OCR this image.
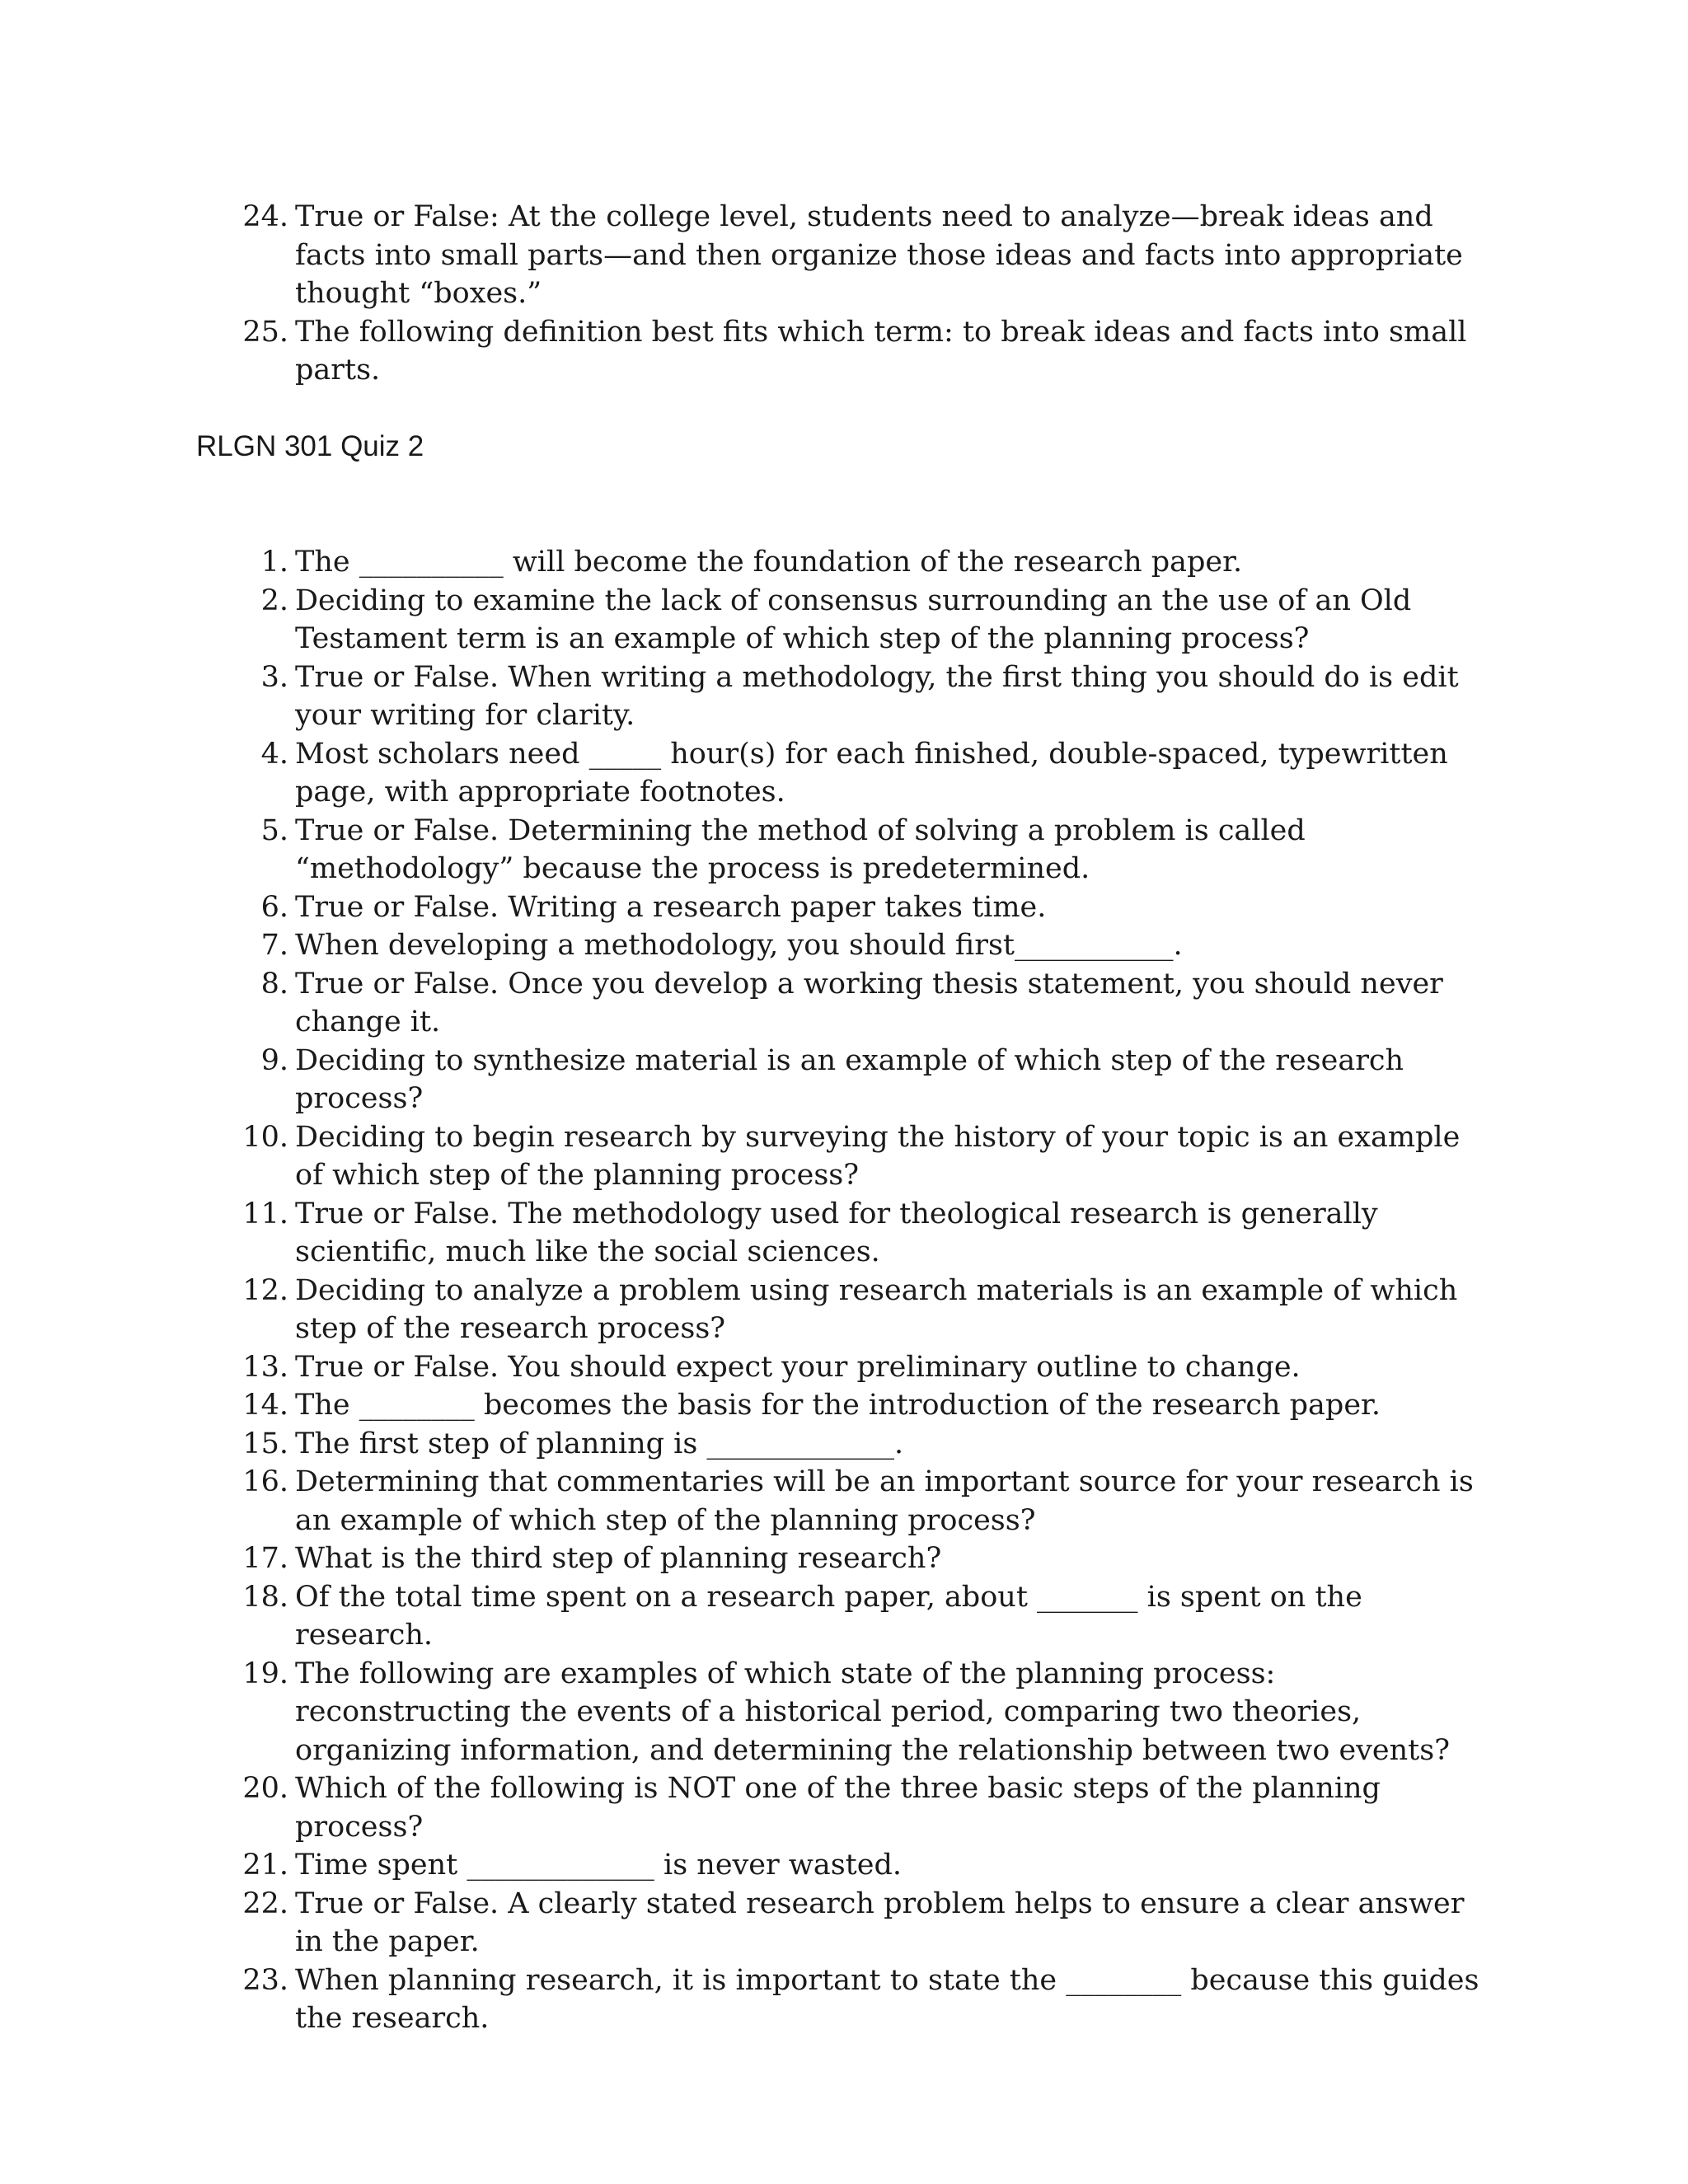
24. True or False: At the college level, students need to analyze—break ideas and facts into small parts—and then organize those ideas and facts into appropriate thought “boxes.”
25. The following definition best fits which term: to break ideas and facts into small parts.
RLGN 301 Quiz 2
1. The __________ will become the foundation of the research paper.
2. Deciding to examine the lack of consensus surrounding an the use of an Old Testament term is an example of which step of the planning process?
3. True or False. When writing a methodology, the first thing you should do is edit your writing for clarity.
4. Most scholars need _____ hour(s) for each finished, double-spaced, typewritten page, with appropriate footnotes.
5. True or False. Determining the method of solving a problem is called “methodology” because the process is predetermined.
6. True or False. Writing a research paper takes time.
7. When developing a methodology, you should first___________.
8. True or False. Once you develop a working thesis statement, you should never change it.
9. Deciding to synthesize material is an example of which step of the research process?
10. Deciding to begin research by surveying the history of your topic is an example of which step of the planning process?
11. True or False. The methodology used for theological research is generally scientific, much like the social sciences.
12. Deciding to analyze a problem using research materials is an example of which step of the research process?
13. True or False. You should expect your preliminary outline to change.
14. The ________ becomes the basis for the introduction of the research paper.
15. The first step of planning is _____________.
16. Determining that commentaries will be an important source for your research is an example of which step of the planning process?
17. What is the third step of planning research?
18. Of the total time spent on a research paper, about _______ is spent on the research.
19. The following are examples of which state of the planning process: reconstructing the events of a historical period, comparing two theories, organizing information, and determining the relationship between two events?
20. Which of the following is NOT one of the three basic steps of the planning process?
21. Time spent _____________ is never wasted.
22. True or False. A clearly stated research problem helps to ensure a clear answer in the paper.
23. When planning research, it is important to state the ________ because this guides the research.
